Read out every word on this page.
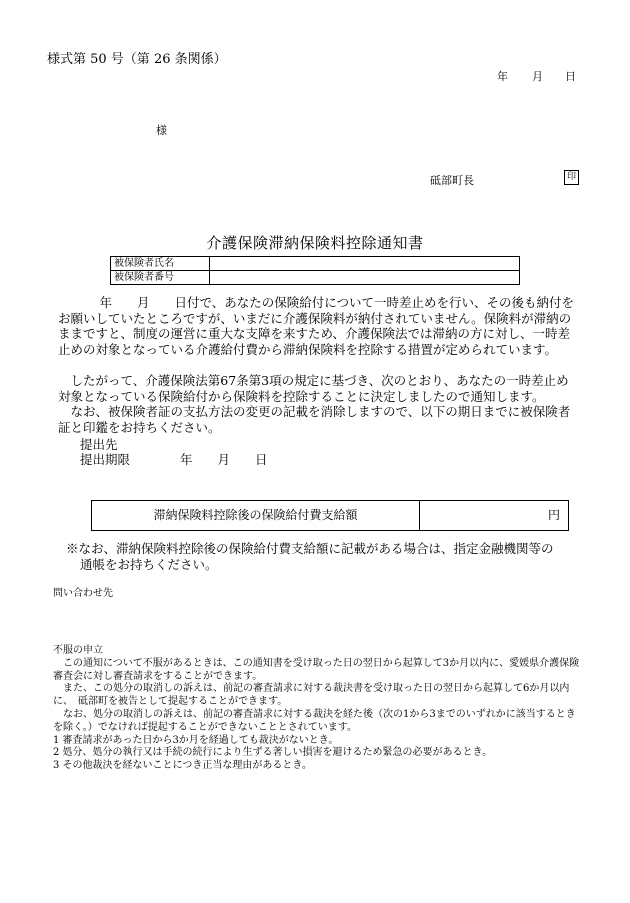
様式第 50 号（第 26 条関係）
年 月 日
様
砥部町長	印
介護保険滞納保険料控除通知書
被保険者氏名	
被保険者番号	
　　　 年　　月　　日付で、あなたの保険給付について一時差止めを行い、その後も納付をお願いしていたところですが、いまだに介護保険料が納付されていません。保険料が滞納のままですと、制度の運営に重大な支障を来すため、介護保険法では滞納の方に対し、一時差止めの対象となっている介護給付費から滞納保険料を控除する措置が定められています。
したがって、介護保険法第67条第3項の規定に基づき、次のとおり、あなたの一時差止め対象となっている保険給付から保険料を控除することに決定しましたので通知します。
なお、被保険者証の支払方法の変更の記載を消除しますので、以下の期日までに被保険者証と印鑑をお持ちください。
提出先
提出期限	年　　月　　日
滞納保険料控除後の保険給付費支給額	円
※なお、滞納保険料控除後の保険給付費支給額に記載がある場合は、指定金融機関等の
通帳をお持ちください。
問い合わせ先
不服の申立
　この通知について不服があるときは、この通知書を受け取った日の翌日から起算して3か月以内に、愛媛県介護保険審査会に対し審査請求をすることができます。
　また、この処分の取消しの訴えは、前記の審査請求に対する裁決書を受け取った日の翌日から起算して6か月以内に、　砥部町を被告として提起することができます。
　なお、処分の取消しの訴えは、前記の審査請求に対する裁決を経た後（次の1から3までのいずれかに該当するときを除く。）でなければ提起することができないこととされています。
1 審査請求があった日から3か月を経過しても裁決がないとき。
2 処分、処分の執行又は手続の続行により生ずる著しい損害を避けるため緊急の必要があるとき。
3 その他裁決を経ないことにつき正当な理由があるとき。
